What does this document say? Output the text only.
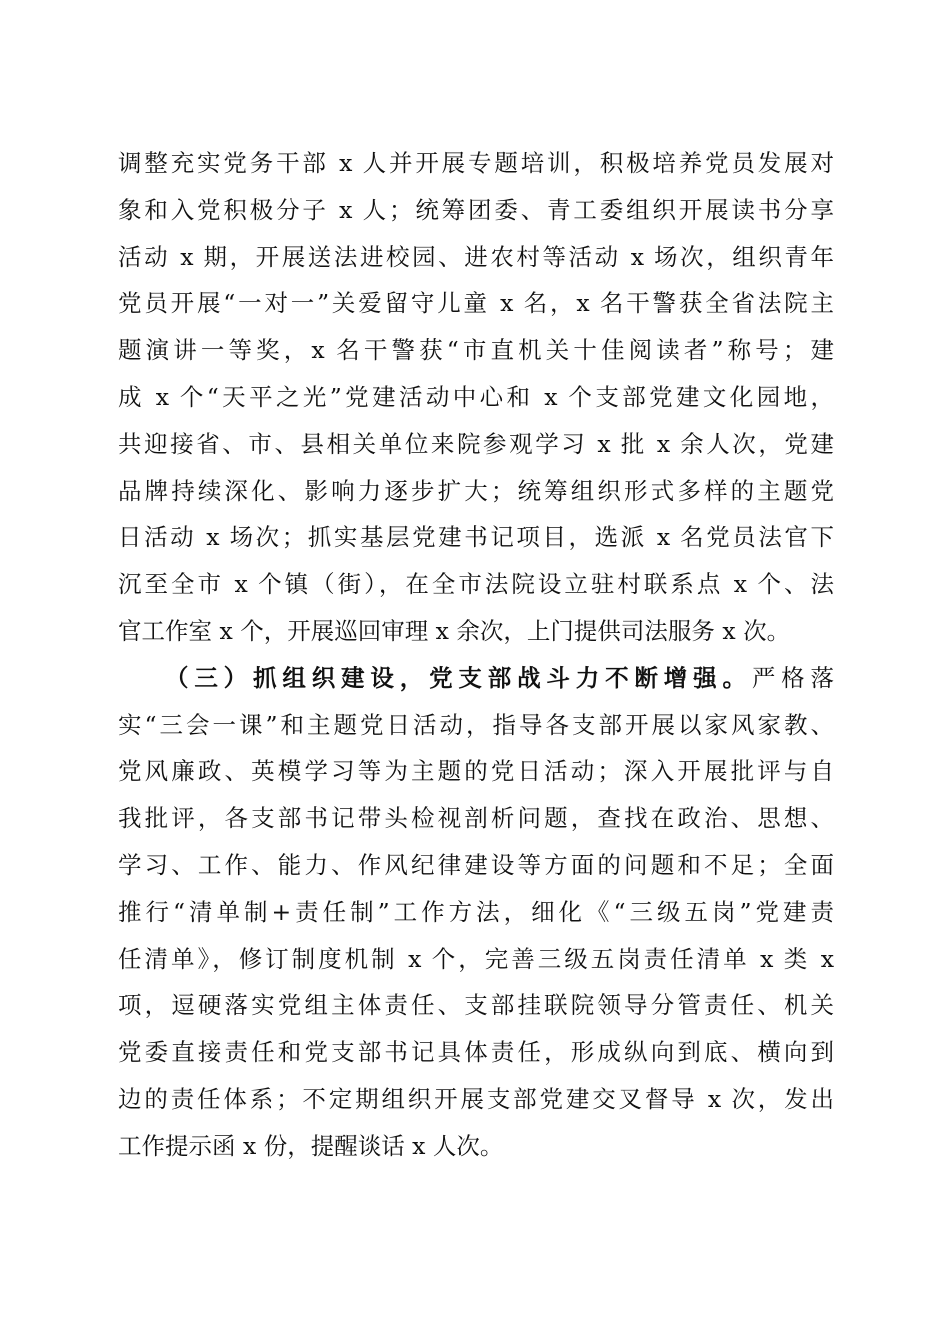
调整充实党务干部 x 人并开展专题培训，积极培养党员发展对
象和入党积极分子 x 人；统筹团委、青工委组织开展读书分享
活动 x 期，开展送法进校园、进农村等活动 x 场次，组织青年
党员开展“一对一”关爱留守儿童 x 名，x 名干警获全省法院主
题演讲一等奖，x 名干警获“市直机关十佳阅读者”称号；建
成 x 个“天平之光”党建活动中心和 x 个支部党建文化园地，
共迎接省、市、县相关单位来院参观学习 x 批 x 余人次，党建
品牌持续深化、影响力逐步扩大；统筹组织形式多样的主题党
日活动 x 场次；抓实基层党建书记项目，选派 x 名党员法官下
沉至全市 x 个镇（街），在全市法院设立驻村联系点 x 个、法
官工作室 x 个，开展巡回审理 x 余次，上门提供司法服务 x 次。
（三）抓组织建设，党支部战斗力不断增强。严格落
实“三会一课”和主题党日活动，指导各支部开展以家风家教、
党风廉政、英模学习等为主题的党日活动；深入开展批评与自
我批评，各支部书记带头检视剖析问题，查找在政治、思想、
学习、工作、能力、作风纪律建设等方面的问题和不足；全面
推行“清单制+责任制”工作方法，细化《“三级五岗”党建责
任清单》，修订制度机制 x 个，完善三级五岗责任清单 x 类 x
项，逗硬落实党组主体责任、支部挂联院领导分管责任、机关
党委直接责任和党支部书记具体责任，形成纵向到底、横向到
边的责任体系；不定期组织开展支部党建交叉督导 x 次，发出
工作提示函 x 份，提醒谈话 x 人次。
